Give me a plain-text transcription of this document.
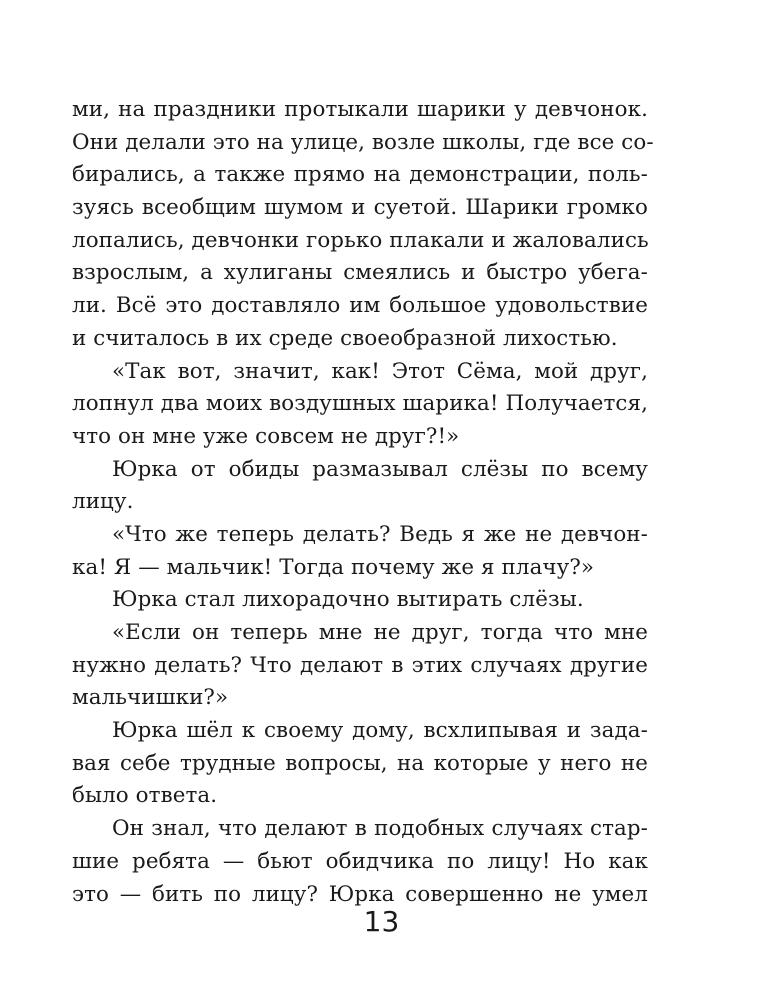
ми, на праздники протыкали шарики у девчонок.
Они делали это на улице, возле школы, где все со-
бирались, а также прямо на демонстрации, поль-
зуясь всеобщим шумом и суетой. Шарики громко
лопались, девчонки горько плакали и жаловались
взрослым, а хулиганы смеялись и быстро убега-
ли. Всё это доставляло им большое удовольствие
и считалось в их среде своеобразной лихостью.
«Так вот, значит, как! Этот Сёма, мой друг,
лопнул два моих воздушных шарика! Получается,
что он мне уже совсем не друг?!»
Юрка от обиды размазывал слёзы по всему
лицу.
«Что же теперь делать? Ведь я же не девчон-
ка! Я — мальчик! Тогда почему же я плачу?»
Юрка стал лихорадочно вытирать слёзы.
«Если он теперь мне не друг, тогда что мне
нужно делать? Что делают в этих случаях другие
мальчишки?»
Юрка шёл к своему дому, всхлипывая и зада-
вая себе трудные вопросы, на которые у него не
было ответа.
Он знал, что делают в подобных случаях стар-
шие ребята — бьют обидчика по лицу! Но как
это — бить по лицу? Юрка совершенно не умел
13
